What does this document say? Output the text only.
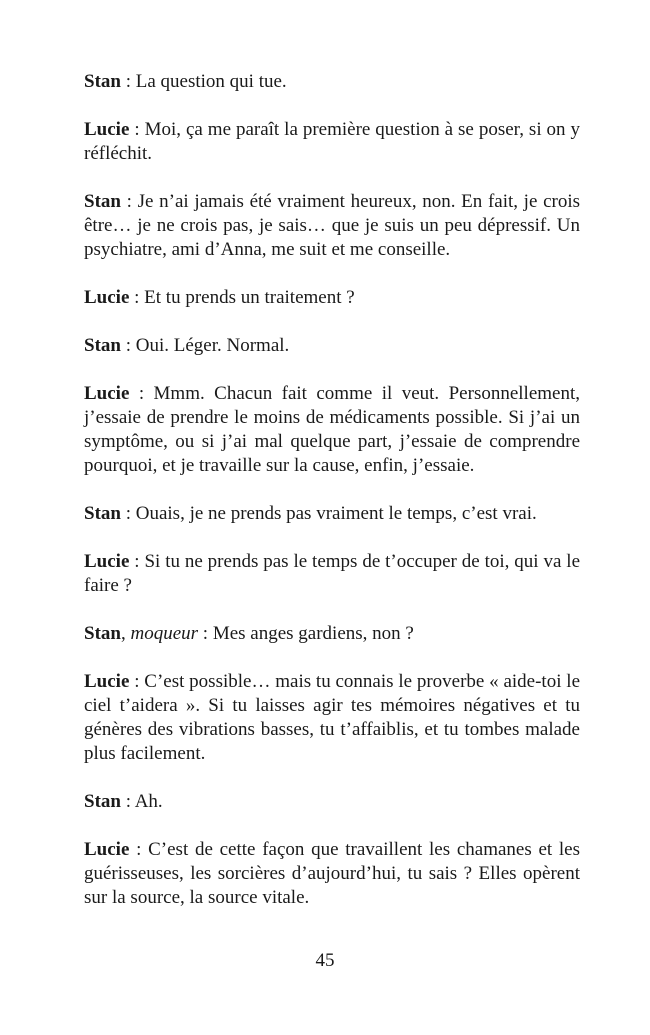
Stan : La question qui tue.

Lucie : Moi, ça me paraît la première question à se poser, si on y réfléchit.

Stan : Je n’ai jamais été vraiment heureux, non. En fait, je crois être… je ne crois pas, je sais… que je suis un peu dépressif. Un psychiatre, ami d’Anna, me suit et me conseille.

Lucie : Et tu prends un traitement ?

Stan : Oui. Léger. Normal.

Lucie : Mmm. Chacun fait comme il veut. Personnellement, j’essaie de prendre le moins de médicaments possible. Si j’ai un symptôme, ou si j’ai mal quelque part, j’essaie de comprendre pourquoi, et je travaille sur la cause, enfin, j’essaie.

Stan : Ouais, je ne prends pas vraiment le temps, c’est vrai.

Lucie : Si tu ne prends pas le temps de t’occuper de toi, qui va le faire ?

Stan, moqueur : Mes anges gardiens, non ?

Lucie : C’est possible… mais tu connais le proverbe « aide-toi le ciel t’aidera ». Si tu laisses agir tes mémoires négatives et tu génères des vibrations basses, tu t’affaiblis, et tu tombes malade plus facilement.

Stan : Ah.

Lucie : C’est de cette façon que travaillent les chamanes et les guérisseuses, les sorcières d’aujourd’hui, tu sais ? Elles opèrent sur la source, la source vitale.

45
